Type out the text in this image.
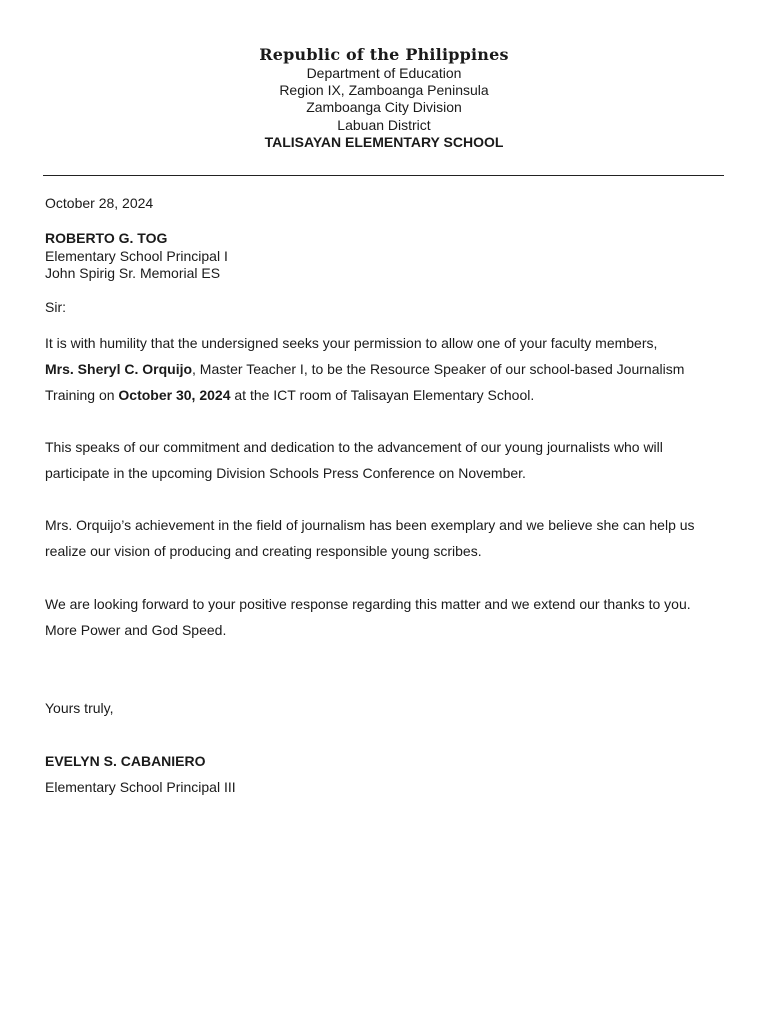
Republic of the Philippines
Department of Education
Region IX, Zamboanga Peninsula
Zamboanga City Division
Labuan District
TALISAYAN ELEMENTARY SCHOOL
October 28, 2024
ROBERTO G. TOG
Elementary School Principal I
John Spirig Sr. Memorial ES
Sir:
It is with humility that the undersigned seeks your permission to allow one of your faculty members,
Mrs. Sheryl C. Orquijo, Master Teacher I, to be the Resource Speaker of our school-based Journalism Training on October 30, 2024 at the ICT room of Talisayan Elementary School.
This speaks of our commitment and dedication to the advancement of our young journalists who will participate in the upcoming Division Schools Press Conference on November.
Mrs. Orquijo’s achievement in the field of journalism has been exemplary and we believe she can help us realize our vision of producing and creating responsible young scribes.
We are looking forward to your positive response regarding this matter and we extend our thanks to you.
More Power and God Speed.
Yours truly,
EVELYN S. CABANIERO
Elementary School Principal III
